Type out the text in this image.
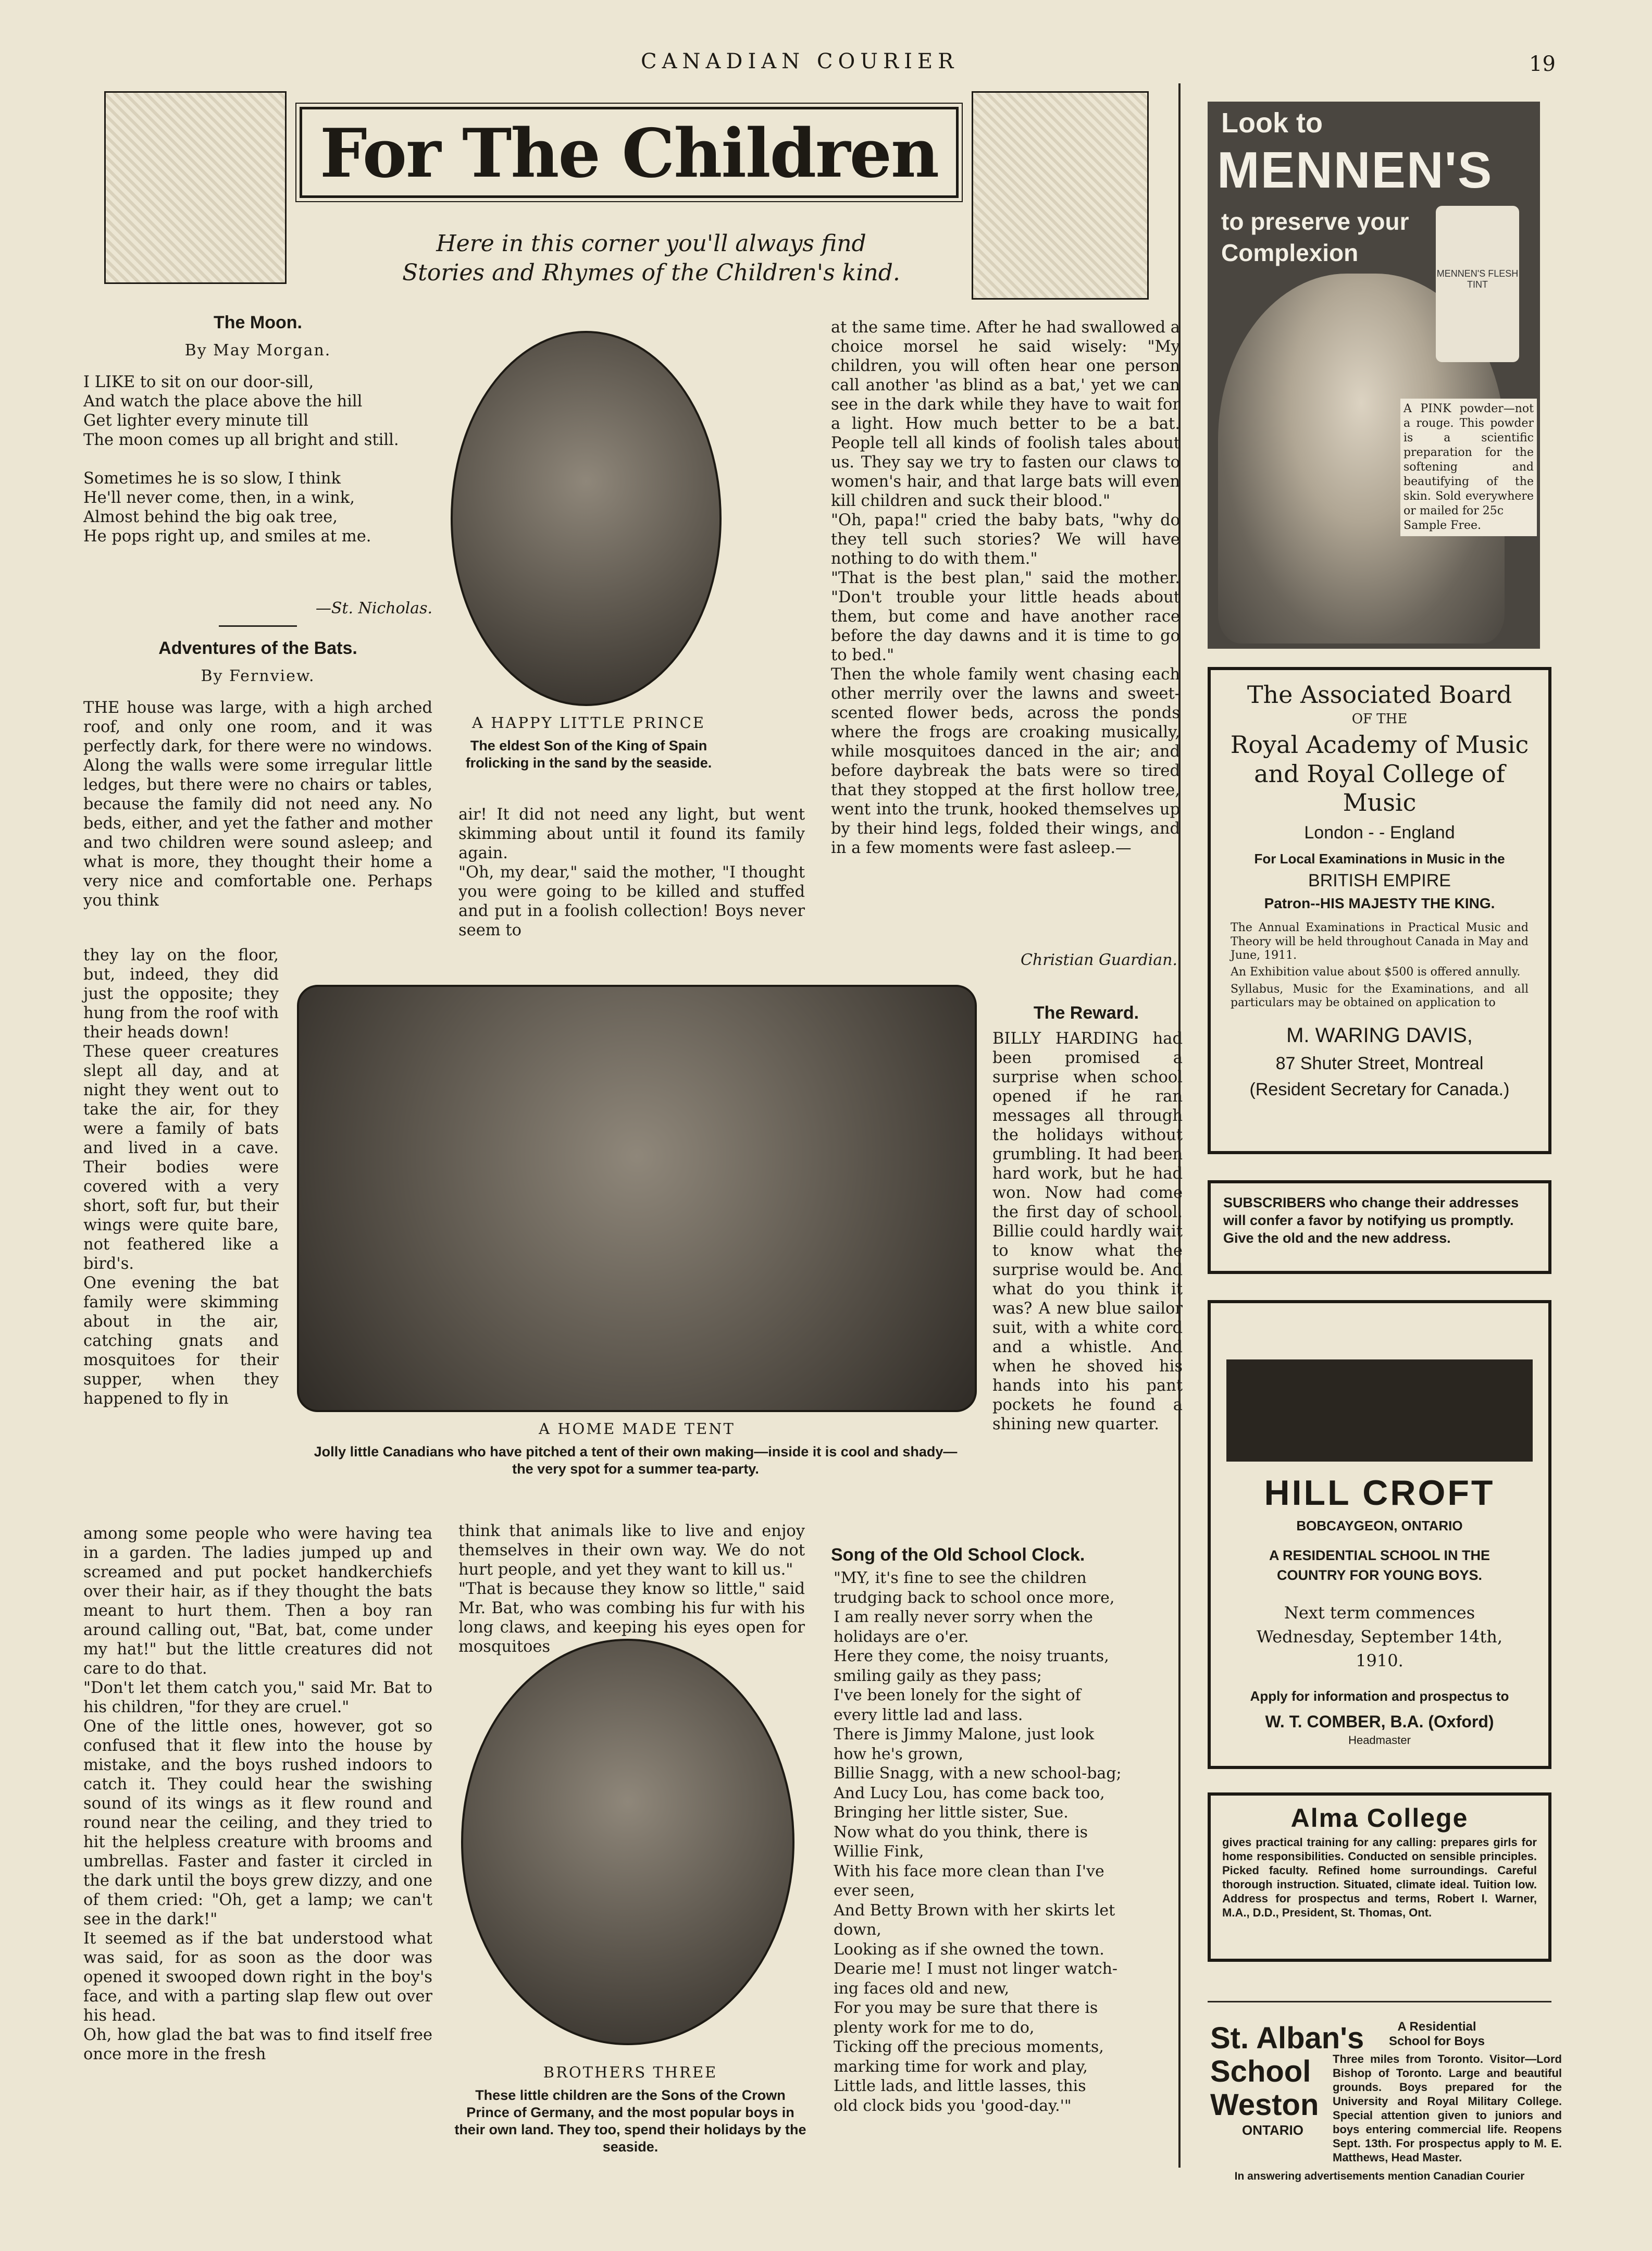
CANADIAN COURIER	19
For The Children
Here in this corner you'll always find
Stories and Rhymes of the Children's kind.
The Moon.
By May Morgan.
I LIKE to sit on our door-sill,
And watch the place above the hill
Get lighter every minute till
The moon comes up all bright and still.

Sometimes he is so slow, I think
He'll never come, then, in a wink,
Almost behind the big oak tree,
He pops right up, and smiles at me.
—St. Nicholas.
Adventures of the Bats.
By Fernview.
THE house was large, with a high arched roof, and only one room, and it was perfectly dark, for there were no windows. Along the walls were some irregular little ledges, but there were no chairs or tables, because the family did not need any. No beds, either, and yet the father and mother and two children were sound asleep; and what is more, they thought their home a very nice and comfortable one. Perhaps you think
they lay on the floor, but, indeed, they did just the opposite; they hung from the roof with their heads down!
These queer creatures slept all day, and at night they went out to take the air, for they were a family of bats and lived in a cave. Their bodies were covered with a very short, soft fur, but their wings were quite bare, not feathered like a bird's.
One evening the bat family were skimming about in the air, catching gnats and mosquitoes for their supper, when they happened to fly in
among some people who were having tea in a garden. The ladies jumped up and screamed and put pocket handkerchiefs over their hair, as if they thought the bats meant to hurt them. Then a boy ran around calling out, "Bat, bat, come under my hat!" but the little creatures did not care to do that.
"Don't let them catch you," said Mr. Bat to his children, "for they are cruel."
One of the little ones, however, got so confused that it flew into the house by mistake, and the boys rushed indoors to catch it. They could hear the swishing sound of its wings as it flew round and round near the ceiling, and they tried to hit the helpless creature with brooms and umbrellas. Faster and faster it circled in the dark until the boys grew dizzy, and one of them cried: "Oh, get a lamp; we can't see in the dark!"
It seemed as if the bat understood what was said, for as soon as the door was opened it swooped down right in the boy's face, and with a parting slap flew out over his head.
Oh, how glad the bat was to find itself free once more in the fresh
A HAPPY LITTLE PRINCE
The eldest Son of the King of Spain frolicking in the sand by the seaside.
air! It did not need any light, but went skimming about until it found its family again.
"Oh, my dear," said the mother, "I thought you were going to be killed and stuffed and put in a foolish collection! Boys never seem to
A HOME MADE TENT
Jolly little Canadians who have pitched a tent of their own making—inside it is cool and shady—the very spot for a summer tea-party.
think that animals like to live and enjoy themselves in their own way. We do not hurt people, and yet they want to kill us."
"That is because they know so little," said Mr. Bat, who was combing his fur with his long claws, and keeping his eyes open for mosquitoes
BROTHERS THREE
These little children are the Sons of the Crown Prince of Germany, and the most popular boys in their own land. They too, spend their holidays by the seaside.
at the same time. After he had swallowed a choice morsel he said wisely: "My children, you will often hear one person call another 'as blind as a bat,' yet we can see in the dark while they have to wait for a light. How much better to be a bat. People tell all kinds of foolish tales about us. They say we try to fasten our claws to women's hair, and that large bats will even kill children and suck their blood."
"Oh, papa!" cried the baby bats, "why do they tell such stories? We will have nothing to do with them."
"That is the best plan," said the mother. "Don't trouble your little heads about them, but come and have another race before the day dawns and it is time to go to bed."
Then the whole family went chasing each other merrily over the lawns and sweet-scented flower beds, across the ponds where the frogs are croaking musically, while mosquitoes danced in the air; and before daybreak the bats were so tired that they stopped at the first hollow tree, went into the trunk, hooked themselves up by their hind legs, folded their wings, and in a few moments were fast asleep.—
Christian Guardian.
The Reward.
BILLY HARDING had been promised a surprise when school opened if he ran messages all through the holidays without grumbling. It had been hard work, but he had won. Now had come the first day of school. Billie could hardly wait to know what the surprise would be. And what do you think it was? A new blue sailor suit, with a white cord and a whistle. And when he shoved his hands into his pant pockets he found a shining new quarter.
Song of the Old School Clock.
"MY, it's fine to see the children
trudging back to school once more,
I am really never sorry when the
holidays are o'er.
Here they come, the noisy truants,
smiling gaily as they pass;
I've been lonely for the sight of
every little lad and lass.
There is Jimmy Malone, just look
how he's grown,
Billie Snagg, with a new school-bag;
And Lucy Lou, has come back too,
Bringing her little sister, Sue.
Now what do you think, there is
Willie Fink,
With his face more clean than I've
ever seen,
And Betty Brown with her skirts let
down,
Looking as if she owned the town.
Dearie me! I must not linger watch-
ing faces old and new,
For you may be sure that there is
plenty work for me to do,
Ticking off the precious moments,
marking time for work and play,
Little lads, and little lasses, this
old clock bids you 'good-day.'"
Look to
MENNEN'S
to preserve your Complexion
MENNEN'S FLESH TINT
A PINK powder—not a rouge. This powder is a scientific preparation for the softening and beautifying of the skin. Sold everywhere or mailed for 25c
Sample Free.
The Associated Board
OF THE
Royal Academy of Music
and Royal College of Music
London - - England
For Local Examinations in Music in the
BRITISH EMPIRE
Patron--HIS MAJESTY THE KING.
The Annual Examinations in Practical Music and Theory will be held throughout Canada in May and June, 1911.
An Exhibition value about $500 is offered annully.
Syllabus, Music for the Examinations, and all particulars may be obtained on application to
M. WARING DAVIS,
87 Shuter Street, Montreal
(Resident Secretary for Canada.)
SUBSCRIBERS who change their addresses will confer a favor by notifying us promptly. Give the old and the new address.
HILL CROFT
BOBCAYGEON, ONTARIO
A RESIDENTIAL SCHOOL IN THE COUNTRY FOR YOUNG BOYS.
Next term commences Wednesday, September 14th, 1910.
Apply for information and prospectus to
W. T. COMBER, B.A. (Oxford)
Headmaster
Alma College
gives practical training for any calling: prepares girls for home responsibilities. Conducted on sensible principles. Picked faculty. Refined home surroundings. Careful thorough instruction. Situated, climate ideal. Tuition low. Address for prospectus and terms, Robert I. Warner, M.A., D.D., President, St. Thomas, Ont.
St. Alban's
School
Weston
ONTARIO
A Residential School for Boys
Three miles from Toronto. Visitor—Lord Bishop of Toronto. Large and beautiful grounds. Boys prepared for the University and Royal Military College. Special attention given to juniors and boys entering commercial life. Reopens Sept. 13th. For prospectus apply to M. E. Matthews, Head Master.
In answering advertisements mention Canadian Courier
